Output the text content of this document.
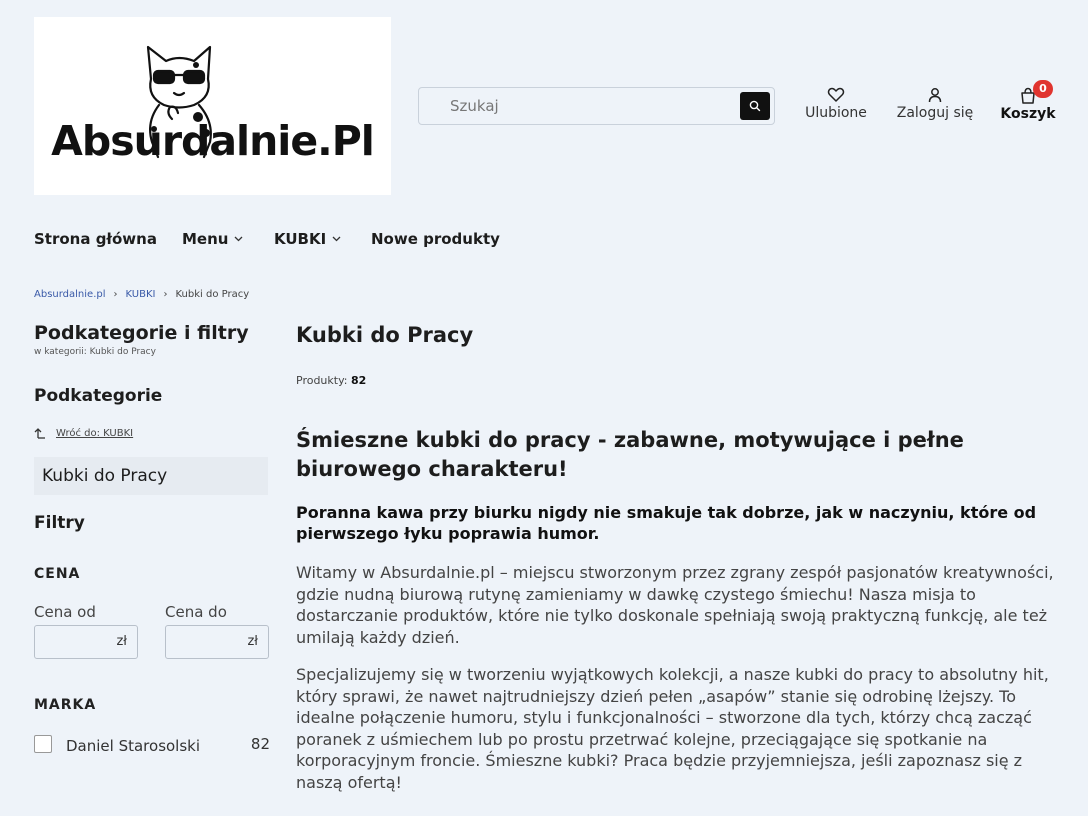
Absurdalnie.Pl
Szukaj
Ulubione Zaloguj się Koszyk
0
Strona główna Menu	KUBKI	Nowe produkty
Absurdalnie.pl › KUBKI › Kubki do Pracy
Podkategorie i filtry
w kategorii: Kubki do Pracy
Podkategorie
Wróć do: KUBKI
Kubki do Pracy
Filtry
CENA
Cena od	Cena do
zł	zł
MARKA
Daniel Starosolski	82
Kubki do Pracy
Produkty: 82
Śmieszne kubki do pracy - zabawne, motywujące i pełne biurowego charakteru!
Poranna kawa przy biurku nigdy nie smakuje tak dobrze, jak w naczyniu, które od pierwszego łyku poprawia humor.
Witamy w Absurdalnie.pl – miejscu stworzonym przez zgrany zespół pasjonatów kreatywności, gdzie nudną biurową rutynę zamieniamy w dawkę czystego śmiechu! Nasza misja to dostarczanie produktów, które nie tylko doskonale spełniają swoją praktyczną funkcję, ale też umilają każdy dzień.
Specjalizujemy się w tworzeniu wyjątkowych kolekcji, a nasze kubki do pracy to absolutny hit, który sprawi, że nawet najtrudniejszy dzień pełen „asapów” stanie się odrobinę lżejszy. To idealne połączenie humoru, stylu i funkcjonalności – stworzone dla tych, którzy chcą zacząć poranek z uśmiechem lub po prostu przetrwać kolejne, przeciągające się spotkanie na korporacyjnym froncie. Śmieszne kubki? Praca będzie przyjemniejsza, jeśli zapoznasz się z naszą ofertą!
